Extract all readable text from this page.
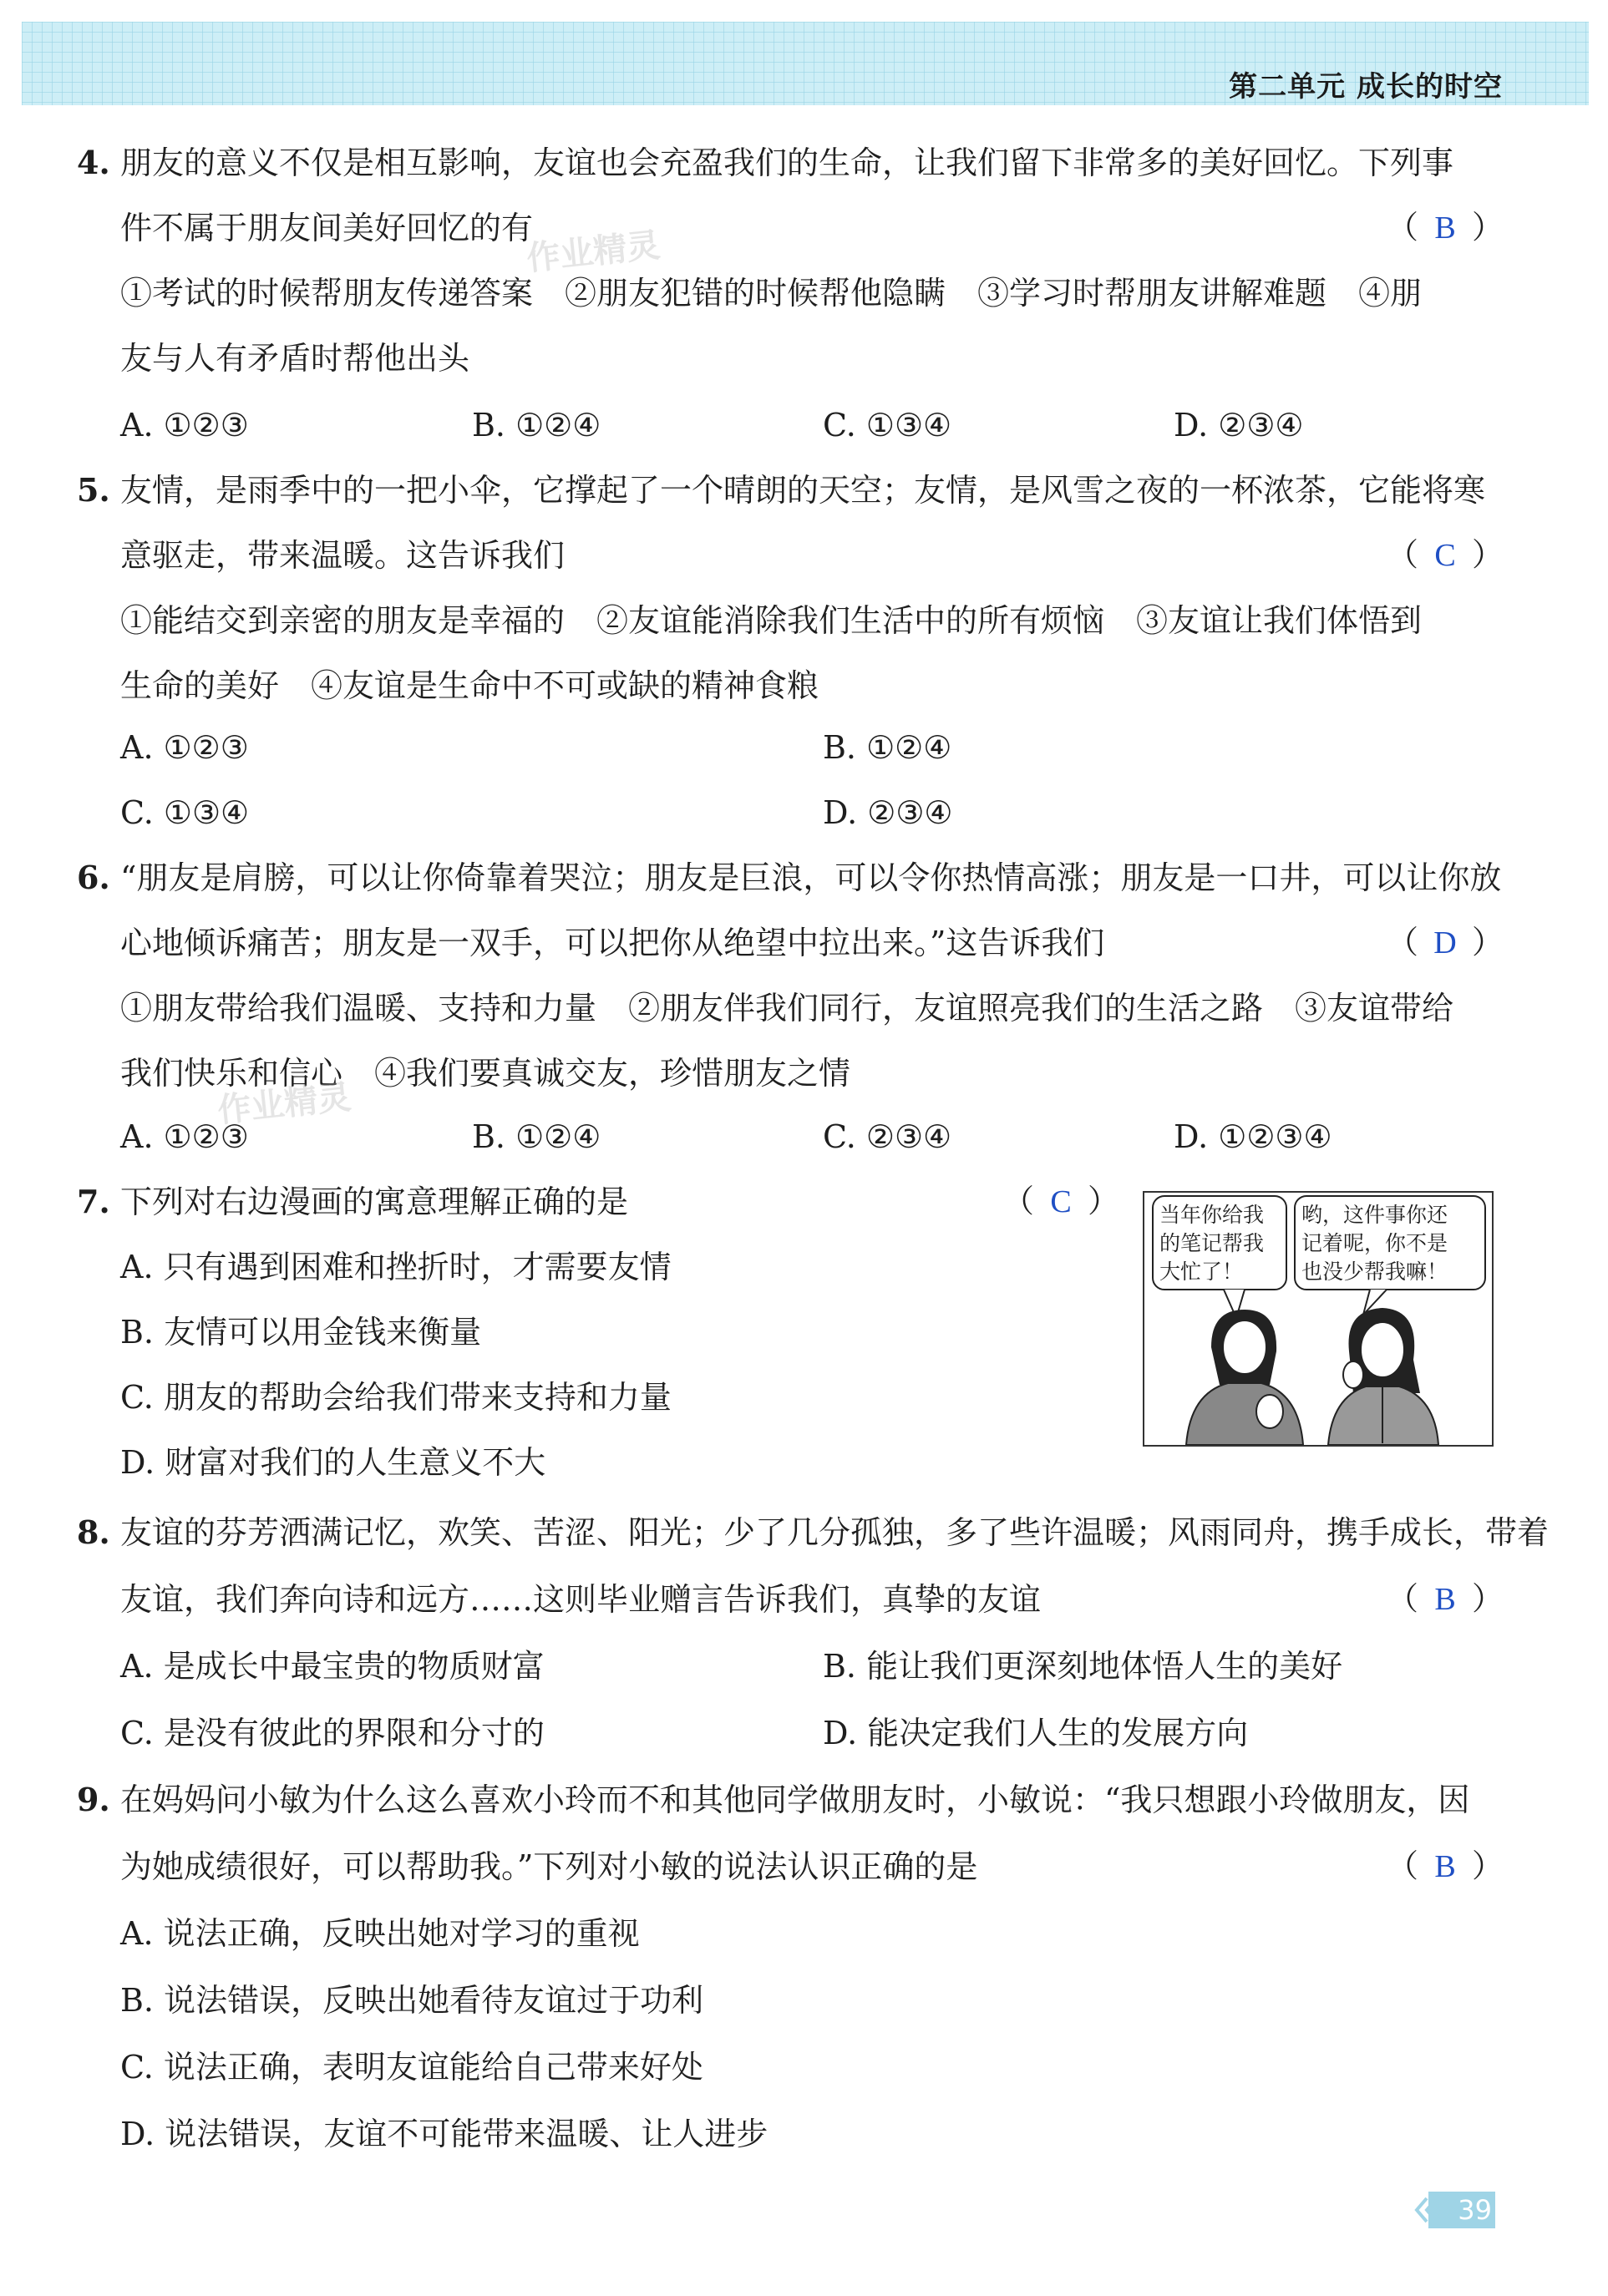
第二单元 成长的时空
4. 朋友的意义不仅是相互影响，友谊也会充盈我们的生命，让我们留下非常多的美好回忆。下列事
件不属于朋友间美好回忆的有	（ B ）
①考试的时候帮朋友传递答案　②朋友犯错的时候帮他隐瞒　③学习时帮朋友讲解难题　④朋
友与人有矛盾时帮他出头
A. ①②③	B. ①②④	C. ①③④	D. ②③④
5. 友情，是雨季中的一把小伞，它撑起了一个晴朗的天空；友情，是风雪之夜的一杯浓茶，它能将寒
意驱走，带来温暖。这告诉我们	（ C ）
①能结交到亲密的朋友是幸福的　②友谊能消除我们生活中的所有烦恼　③友谊让我们体悟到
生命的美好　④友谊是生命中不可或缺的精神食粮
A. ①②③	B. ①②④
C. ①③④	D. ②③④
6. “朋友是肩膀，可以让你倚靠着哭泣；朋友是巨浪，可以令你热情高涨；朋友是一口井，可以让你放
心地倾诉痛苦；朋友是一双手，可以把你从绝望中拉出来。”这告诉我们	（ D ）
①朋友带给我们温暖、支持和力量　②朋友伴我们同行，友谊照亮我们的生活之路　③友谊带给
我们快乐和信心　④我们要真诚交友，珍惜朋友之情
A. ①②③	B. ①②④	C. ②③④	D. ①②③④
7. 下列对右边漫画的寓意理解正确的是	（ C ）
A. 只有遇到困难和挫折时，才需要友情
B. 友情可以用金钱来衡量
C. 朋友的帮助会给我们带来支持和力量
D. 财富对我们的人生意义不大
当年你给我
的笔记帮我
大忙了！
哟，这件事你还
记着呢，你不是
也没少帮我嘛！
8. 友谊的芬芳洒满记忆，欢笑、苦涩、阳光；少了几分孤独，多了些许温暖；风雨同舟，携手成长，带着
友谊，我们奔向诗和远方……这则毕业赠言告诉我们，真挚的友谊	（ B ）
A. 是成长中最宝贵的物质财富	B. 能让我们更深刻地体悟人生的美好
C. 是没有彼此的界限和分寸的	D. 能决定我们人生的发展方向
9. 在妈妈问小敏为什么这么喜欢小玲而不和其他同学做朋友时，小敏说：“我只想跟小玲做朋友，因
为她成绩很好，可以帮助我。”下列对小敏的说法认识正确的是	（ B ）
A. 说法正确，反映出她对学习的重视
B. 说法错误，反映出她看待友谊过于功利
C. 说法正确，表明友谊能给自己带来好处
D. 说法错误，友谊不可能带来温暖、让人进步
作业精灵
作业精灵
39
